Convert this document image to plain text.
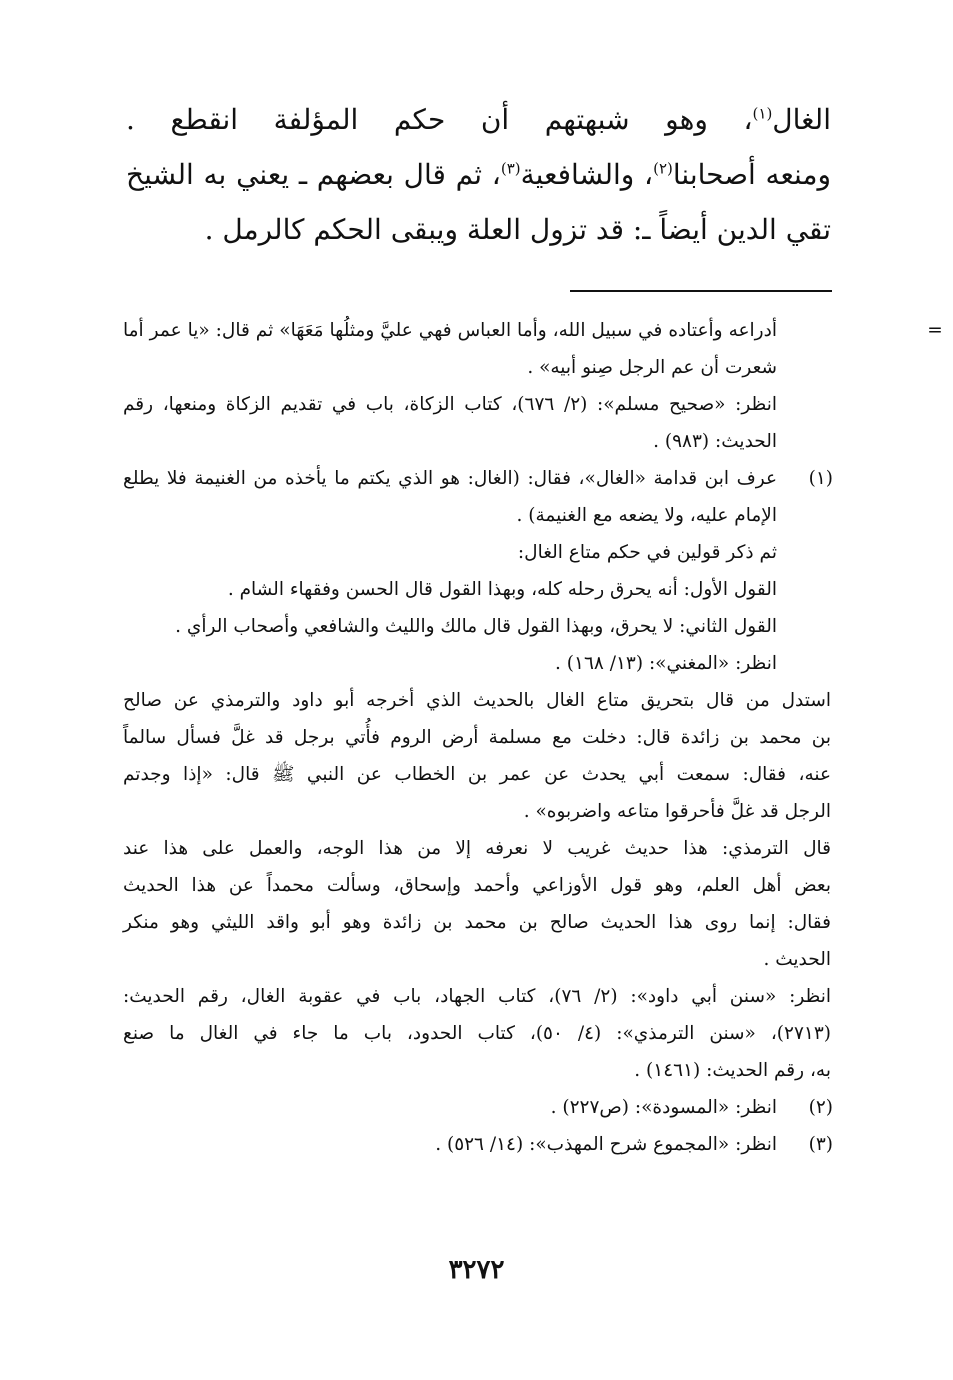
الغال$^{(١)}$، وهو شبهتهم أن حكم المؤلفة انقطع .
ومنعه أصحابنا$^{(٢)}$، والشافعية$^{(٣)}$، ثم قال بعضهم ـ يعني به الشيخ
تقي الدين أيضاً ـ: قد تزول العلة ويبقى الحكم كالرمل .
=
أدراعه وأعتاده في سبيل الله، وأما العباس فهي عليَّ ومثلُها مَعَهَا» ثم قال: «يا عمر أما
شعرت أن عم الرجل صِنو أبيه» .
انظر: «صحيح مسلم»: (٢/ ٦٧٦)، كتاب الزكاة، باب في تقديم الزكاة ومنعها، رقم
الحديث: (٩٨٣) .
(١)
عرف ابن قدامة «الغال»، فقال: (الغال: هو الذي يكتم ما يأخذه من الغنيمة فلا يطلع
الإمام عليه، ولا يضعه مع الغنيمة) .
ثم ذكر قولين في حكم متاع الغال:
القول الأول: أنه يحرق رحله كله، وبهذا القول قال الحسن وفقهاء الشام .
القول الثاني: لا يحرق، وبهذا القول قال مالك والليث والشافعي وأصحاب الرأي .
انظر: «المغني»: (١٣/ ١٦٨) .
استدل من قال بتحريق متاع الغال بالحديث الذي أخرجه أبو داود والترمذي عن صالح
بن محمد بن زائدة قال: دخلت مع مسلمة أرض الروم فأُتي برجل قد غلَّ فسأل سالماً
عنه، فقال: سمعت أبي يحدث عن عمر بن الخطاب عن النبي ﷺ قال: «إذا وجدتم
الرجل قد غلَّ فأحرقوا متاعه واضربوه» .
قال الترمذي: هذا حديث غريب لا نعرفه إلا من هذا الوجه، والعمل على هذا عند
بعض أهل العلم، وهو قول الأوزاعي وأحمد وإسحاق، وسألت محمداً عن هذا الحديث
فقال: إنما روى هذا الحديث صالح بن محمد بن زائدة وهو أبو واقد الليثي وهو منكر
الحديث .
انظر: «سنن أبي داود»: (٢/ ٧٦)، كتاب الجهاد، باب في عقوبة الغال، رقم الحديث:
(٢٧١٣)، «سنن الترمذي»: (٤/ ٥٠)، كتاب الحدود، باب ما جاء في الغال ما صنع
به، رقم الحديث: (١٤٦١) .
(٢)
انظر: «المسودة»: (ص٢٢٧) .
(٣)
انظر: «المجموع شرح المهذب»: (١٤/ ٥٢٦) .
٣٢٧٢
